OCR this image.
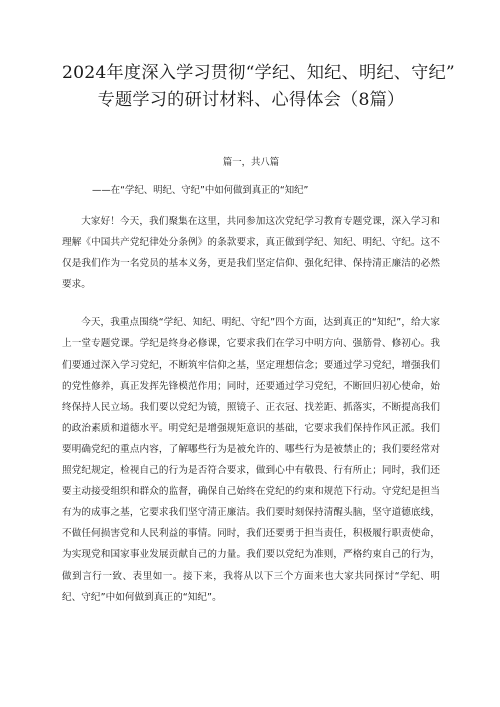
2024年度深入学习贯彻“学纪、知纪、明纪、守纪”
专题学习的研讨材料、心得体会（8篇）
篇一，共八篇
——在“学纪、明纪、守纪”中如何做到真正的“知纪”

大家好！今天，我们聚集在这里，共同参加这次党纪学习教育专题党课，深入学习和理解《中国共产党纪律处分条例》的条款要求，真正做到学纪、知纪、明纪、守纪。这不仅是我们作为一名党员的基本义务，更是我们坚定信仰、强化纪律、保持清正廉洁的必然要求。

今天，我重点围绕“学纪、知纪、明纪、守纪”四个方面，达到真正的“知纪”，给大家上一堂专题党课。学纪是终身必修课，它要求我们在学习中明方向、强筋骨、修初心。我们要通过深入学习党纪，不断筑牢信仰之基，坚定理想信念；要通过学习党纪，增强我们的党性修养，真正发挥先锋模范作用；同时，还要通过学习党纪，不断回归初心使命，始终保持人民立场。我们要以党纪为镜，照镜子、正衣冠、找差距、抓落实，不断提高我们的政治素质和道德水平。明党纪是增强规矩意识的基础，它要求我们保持作风正派。我们要明确党纪的重点内容，了解哪些行为是被允许的、哪些行为是被禁止的；我们要经常对照党纪规定，检视自己的行为是否符合要求，做到心中有敬畏、行有所止；同时，我们还要主动接受组织和群众的监督，确保自己始终在党纪的约束和规范下行动。守党纪是担当有为的成事之基，它要求我们坚守清正廉洁。我们要时刻保持清醒头脑，坚守道德底线，不做任何损害党和人民利益的事情。同时，我们还要勇于担当责任，积极履行职责使命，为实现党和国家事业发展贡献自己的力量。我们要以党纪为准则，严格约束自己的行为，做到言行一致、表里如一。接下来，我将从以下三个方面来也大家共同探讨“学纪、明纪、守纪”中如何做到真正的“知纪”。
